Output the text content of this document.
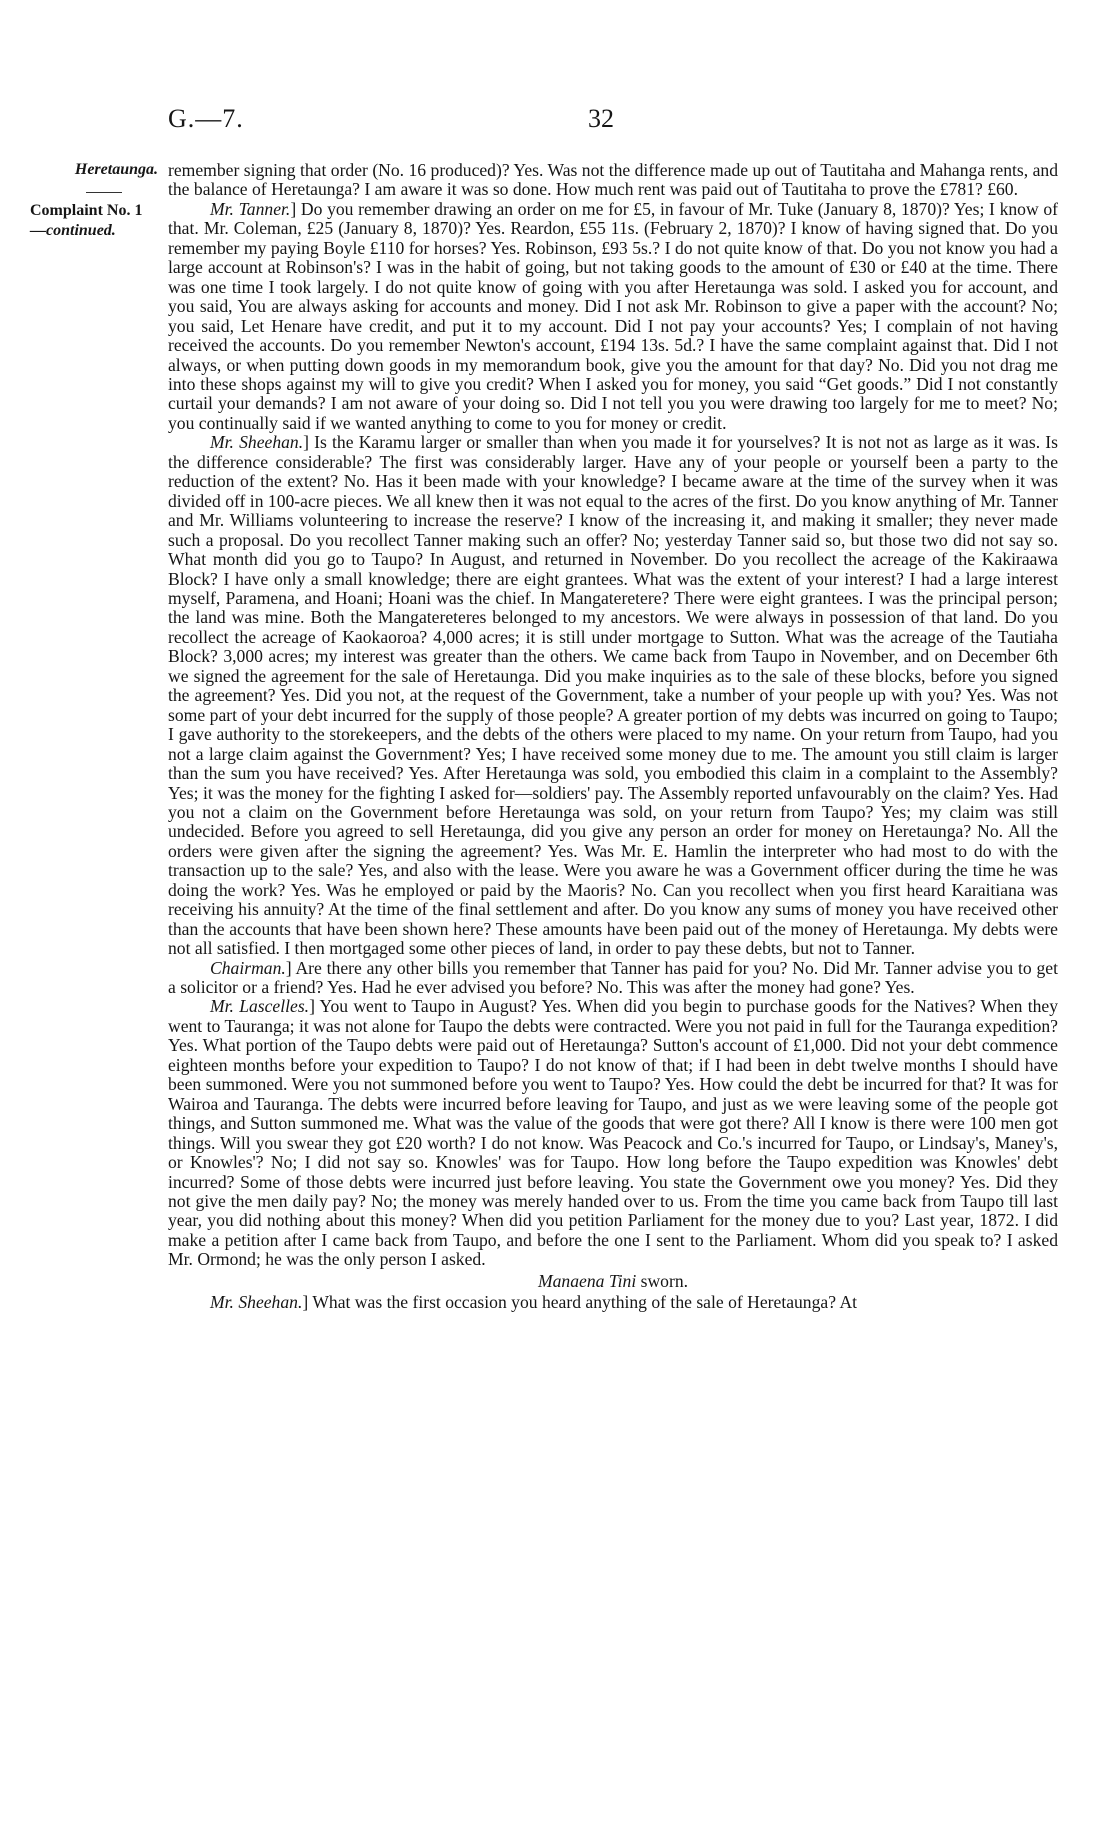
G.—7.	32
Heretaunga.
Complaint No. 1
—continued.

remember signing that order (No. 16 produced)? Yes. Was not the difference made up out of Tautitaha and Mahanga rents, and the balance of Heretaunga? I am aware it was so done. How much rent was paid out of Tautitaha to prove the £781? £60.

Mr. Tanner.] Do you remember drawing an order on me for £5, in favour of Mr. Tuke (January 8, 1870)? Yes; I know of that. Mr. Coleman, £25 (January 8, 1870)? Yes. Reardon, £55 11s. (February 2, 1870)? I know of having signed that. Do you remember my paying Boyle £110 for horses? Yes. Robinson, £93 5s.? I do not quite know of that. Do you not know you had a large account at Robinson's? I was in the habit of going, but not taking goods to the amount of £30 or £40 at the time. There was one time I took largely. I do not quite know of going with you after Heretaunga was sold. I asked you for account, and you said, You are always asking for accounts and money. Did I not ask Mr. Robinson to give a paper with the account? No; you said, Let Henare have credit, and put it to my account. Did I not pay your accounts? Yes; I complain of not having received the accounts. Do you remember Newton's account, £194 13s. 5d.? I have the same complaint against that. Did I not always, or when putting down goods in my memorandum book, give you the amount for that day? No. Did you not drag me into these shops against my will to give you credit? When I asked you for money, you said “Get goods.” Did I not constantly curtail your demands? I am not aware of your doing so. Did I not tell you you were drawing too largely for me to meet? No; you continually said if we wanted anything to come to you for money or credit.

Mr. Sheehan.] Is the Karamu larger or smaller than when you made it for yourselves? It is not not as large as it was. Is the difference considerable? The first was considerably larger. Have any of your people or yourself been a party to the reduction of the extent? No. Has it been made with your knowledge? I became aware at the time of the survey when it was divided off in 100-acre pieces. We all knew then it was not equal to the acres of the first. Do you know anything of Mr. Tanner and Mr. Williams volunteering to increase the reserve? I know of the increasing it, and making it smaller; they never made such a proposal. Do you recollect Tanner making such an offer? No; yesterday Tanner said so, but those two did not say so. What month did you go to Taupo? In August, and returned in November. Do you recollect the acreage of the Kakiraawa Block? I have only a small knowledge; there are eight grantees. What was the extent of your interest? I had a large interest myself, Paramena, and Hoani; Hoani was the chief. In Mangateretere? There were eight grantees. I was the principal person; the land was mine. Both the Mangatereteres belonged to my ancestors. We were always in possession of that land. Do you recollect the acreage of Kaokaoroa? 4,000 acres; it is still under mortgage to Sutton. What was the acreage of the Tautiaha Block? 3,000 acres; my interest was greater than the others. We came back from Taupo in November, and on December 6th we signed the agreement for the sale of Heretaunga. Did you make inquiries as to the sale of these blocks, before you signed the agreement? Yes. Did you not, at the request of the Government, take a number of your people up with you? Yes. Was not some part of your debt incurred for the supply of those people? A greater portion of my debts was incurred on going to Taupo; I gave authority to the storekeepers, and the debts of the others were placed to my name. On your return from Taupo, had you not a large claim against the Government? Yes; I have received some money due to me. The amount you still claim is larger than the sum you have received? Yes. After Heretaunga was sold, you embodied this claim in a complaint to the Assembly? Yes; it was the money for the fighting I asked for—soldiers' pay. The Assembly reported unfavourably on the claim? Yes. Had you not a claim on the Government before Heretaunga was sold, on your return from Taupo? Yes; my claim was still undecided. Before you agreed to sell Heretaunga, did you give any person an order for money on Heretaunga? No. All the orders were given after the signing the agreement? Yes. Was Mr. E. Hamlin the interpreter who had most to do with the transaction up to the sale? Yes, and also with the lease. Were you aware he was a Government officer during the time he was doing the work? Yes. Was he employed or paid by the Maoris? No. Can you recollect when you first heard Karaitiana was receiving his annuity? At the time of the final settlement and after. Do you know any sums of money you have received other than the accounts that have been shown here? These amounts have been paid out of the money of Heretaunga. My debts were not all satisfied. I then mortgaged some other pieces of land, in order to pay these debts, but not to Tanner.

Chairman.] Are there any other bills you remember that Tanner has paid for you? No. Did Mr. Tanner advise you to get a solicitor or a friend? Yes. Had he ever advised you before? No. This was after the money had gone? Yes.

Mr. Lascelles.] You went to Taupo in August? Yes. When did you begin to purchase goods for the Natives? When they went to Tauranga; it was not alone for Taupo the debts were contracted. Were you not paid in full for the Tauranga expedition? Yes. What portion of the Taupo debts were paid out of Heretaunga? Sutton's account of £1,000. Did not your debt commence eighteen months before your expedition to Taupo? I do not know of that; if I had been in debt twelve months I should have been summoned. Were you not summoned before you went to Taupo? Yes. How could the debt be incurred for that? It was for Wairoa and Tauranga. The debts were incurred before leaving for Taupo, and just as we were leaving some of the people got things, and Sutton summoned me. What was the value of the goods that were got there? All I know is there were 100 men got things. Will you swear they got £20 worth? I do not know. Was Peacock and Co.'s incurred for Taupo, or Lindsay's, Maney's, or Knowles'? No; I did not say so. Knowles' was for Taupo. How long before the Taupo expedition was Knowles' debt incurred? Some of those debts were incurred just before leaving. You state the Government owe you money? Yes. Did they not give the men daily pay? No; the money was merely handed over to us. From the time you came back from Taupo till last year, you did nothing about this money? When did you petition Parliament for the money due to you? Last year, 1872. I did make a petition after I came back from Taupo, and before the one I sent to the Parliament. Whom did you speak to? I asked Mr. Ormond; he was the only person I asked.

Manaena Tini sworn.

Mr. Sheehan.] What was the first occasion you heard anything of the sale of Heretaunga? At
